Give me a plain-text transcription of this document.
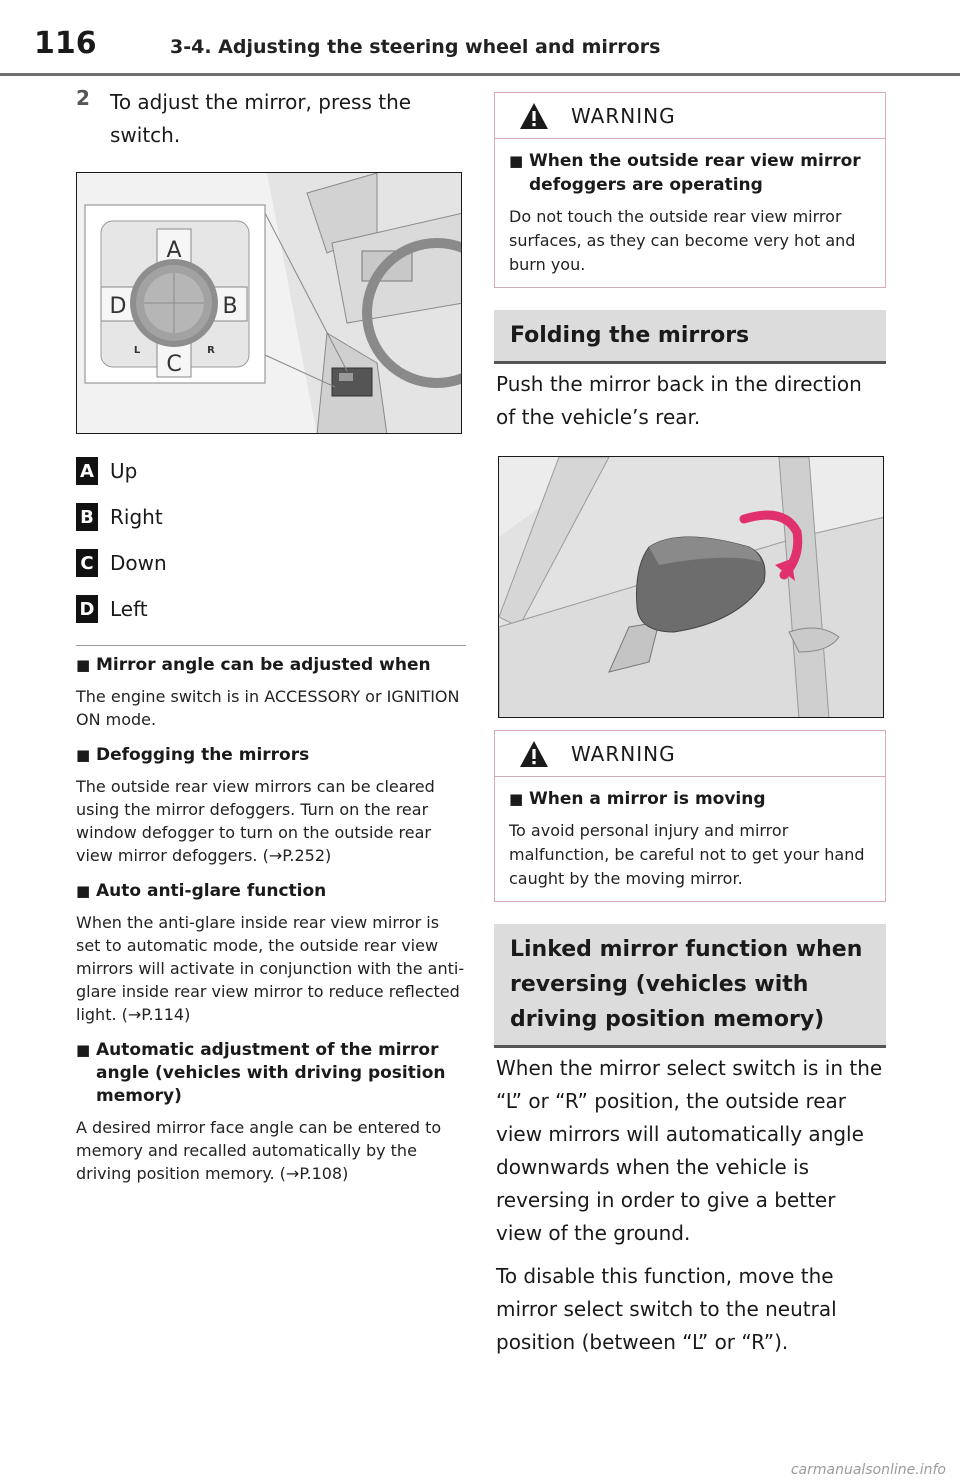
116	3-4. Adjusting the steering wheel and mirrors
2 To adjust the mirror, press the switch.
A
C
D	B
L	R
A Up
B Right
C Down
D Left
■ Mirror angle can be adjusted when
The engine switch is in ACCESSORY or IGNITION ON mode.
■ Defogging the mirrors
The outside rear view mirrors can be cleared using the mirror defoggers. Turn on the rear window defogger to turn on the outside rear view mirror defoggers. (→P.252)
■ Auto anti-glare function
When the anti-glare inside rear view mirror is set to automatic mode, the outside rear view mirrors will activate in conjunction with the anti-glare inside rear view mirror to reduce reflected light. (→P.114)
■ Automatic adjustment of the mirror angle (vehicles with driving position memory)
A desired mirror face angle can be entered to memory and recalled automatically by the driving position memory. (→P.108)
WARNING
■ When the outside rear view mirror defoggers are operating
Do not touch the outside rear view mirror surfaces, as they can become very hot and burn you.
Folding the mirrors
Push the mirror back in the direction of the vehicle’s rear.
WARNING
■ When a mirror is moving
To avoid personal injury and mirror malfunction, be careful not to get your hand caught by the moving mirror.
Linked mirror function when reversing (vehicles with driving position memory)
When the mirror select switch is in the “L” or “R” position, the outside rear view mirrors will automatically angle downwards when the vehicle is reversing in order to give a better view of the ground.
To disable this function, move the mirror select switch to the neutral position (between “L” or “R”).
carmanualsonline.info
